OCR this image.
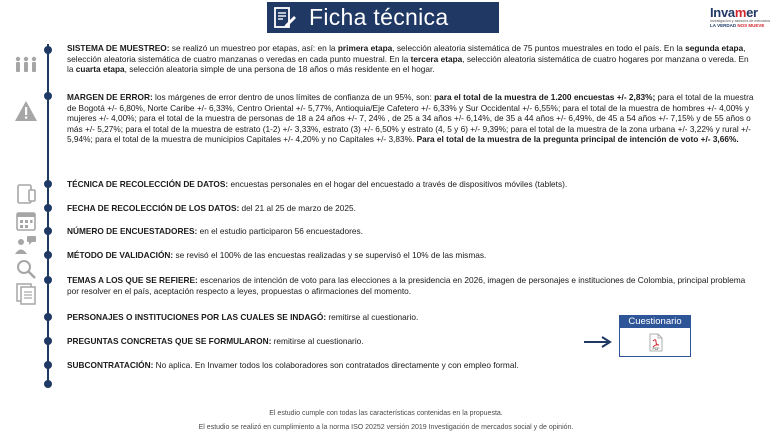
Ficha técnica	Invamer
investigación y asesoría de mercados
LA VERDAD NOS MUEVE
SISTEMA DE MUESTREO: se realizó un muestreo por etapas, así: en la primera etapa, selección aleatoria sistemática de 75 puntos muestrales en todo el país. En la segunda etapa, selección aleatoria sistemática de cuatro manzanas o veredas en cada punto muestral. En la tercera etapa, selección aleatoria sistemática de cuatro hogares por manzana o vereda. En la cuarta etapa, selección aleatoria simple de una persona de 18 años o más residente en el hogar.
MARGEN DE ERROR: los márgenes de error dentro de unos límites de confianza de un 95%, son: para el total de la muestra de 1.200 encuestas +/- 2,83%; para el total de la muestra de Bogotá +/- 6,80%, Norte Caribe +/- 6,33%, Centro Oriental +/- 5,77%, Antioquia/Eje Cafetero +/- 6,33% y Sur Occidental +/- 6,55%; para el total de la muestra de hombres +/- 4,00% y mujeres +/- 4,00%; para el total de la muestra de personas de 18 a 24 años +/- 7, 24% , de 25 a 34 años +/- 6,14%, de 35 a 44 años +/- 6,49%, de 45 a 54 años +/- 7,15% y de 55 años o más +/- 5,27%; para el total de la muestra de estrato (1-2) +/- 3,33%, estrato (3) +/- 6,50% y estrato (4, 5 y 6) +/- 9,39%; para el total de la muestra de la zona urbana +/- 3,22% y rural +/- 5,94%; para el total de la muestra de municipios Capitales +/- 4,20% y no Capitales +/- 3,83%. Para el total de la muestra de la pregunta principal de intención de voto +/- 3,66%.
TÉCNICA DE RECOLECCIÓN DE DATOS: encuestas personales en el hogar del encuestado a través de dispositivos móviles (tablets).
FECHA DE RECOLECCIÓN DE LOS DATOS: del 21 al 25 de marzo de 2025.
NÚMERO DE ENCUESTADORES: en el estudio participaron 56 encuestadores.
MÉTODO DE VALIDACIÓN: se revisó el 100% de las encuestas realizadas y se supervisó el 10% de las mismas.
TEMAS A LOS QUE SE REFIERE: escenarios de intención de voto para las elecciones a la presidencia en 2026, imagen de personajes e instituciones de Colombia, principal problema por resolver en el país, aceptación respecto a leyes, propuestas o afirmaciones del momento.
PERSONAJES O INSTITUCIONES POR LAS CUALES SE INDAGÓ: remitirse al cuestionario.
PREGUNTAS CONCRETAS QUE SE FORMULARON: remitirse al cuestionario.
SUBCONTRATACIÓN: No aplica. En Invamer todos los colaboradores son contratados directamente y con empleo formal.
Cuestionario
PDF
El estudio cumple con todas las características contenidas en la propuesta.
El estudio se realizó en cumplimiento a la norma ISO 20252 versión 2019 Investigación de mercados social y de opinión.
